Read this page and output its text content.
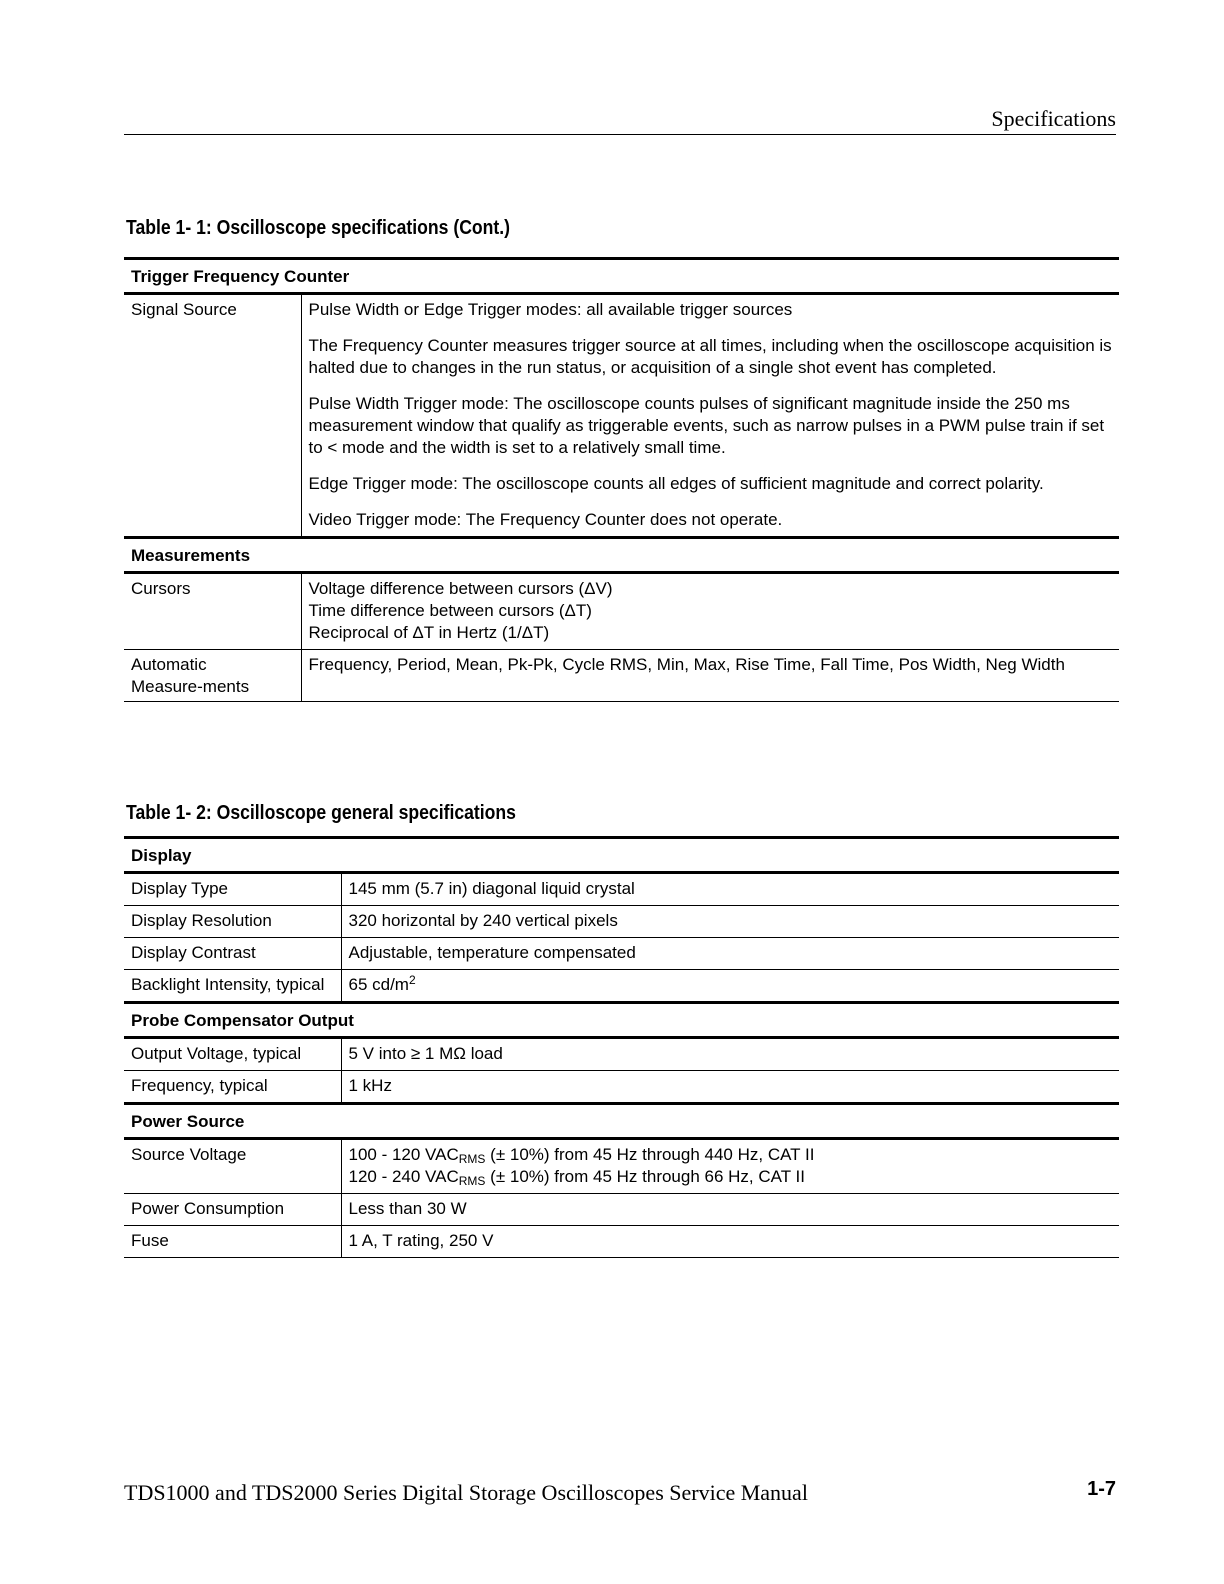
Specifications
Table 1- 1: Oscilloscope specifications (Cont.)
Trigger Frequency Counter	
Signal Source	Pulse Width or Edge Trigger modes: all available trigger sources

The Frequency Counter measures trigger source at all times, including when the oscilloscope acquisition is halted due to changes in the run status, or acquisition of a single shot event has completed.

Pulse Width Trigger mode: The oscilloscope counts pulses of significant magnitude inside the 250 ms measurement window that qualify as triggerable events, such as narrow pulses in a PWM pulse train if set to < mode and the width is set to a relatively small time.

Edge Trigger mode: The oscilloscope counts all edges of sufficient magnitude and correct polarity.

Video Trigger mode: The Frequency Counter does not operate.

Measurements	
Cursors	Voltage difference between cursors (ΔV)
Time difference between cursors (ΔT)
Reciprocal of ΔT in Hertz (1/ΔT)

Automatic Measure-ments	Frequency, Period, Mean, Pk-Pk, Cycle RMS, Min, Max, Rise Time, Fall Time, Pos Width, Neg Width
Table 1- 2: Oscilloscope general specifications
Display	
Display Type	145 mm (5.7 in) diagonal liquid crystal
Display Resolution	320 horizontal by 240 vertical pixels
Display Contrast	Adjustable, temperature compensated
Backlight Intensity, typical	65 $cd/m^2$
Probe Compensator Output	
Output Voltage, typical	5 V into ≥ 1 MΩ load
Frequency, typical	1 kHz
Power Source	
Source Voltage	100 - 120 $VAC_{RMS}$ (± 10%) from 45 Hz through 440 Hz, CAT II
120 - 240 $VAC_{RMS}$ (± 10%) from 45 Hz through 66 Hz, CAT II

Power Consumption	Less than 30 W
Fuse	1 A, T rating, 250 V
TDS1000 and TDS2000 Series Digital Storage Oscilloscopes Service Manual	1-7
